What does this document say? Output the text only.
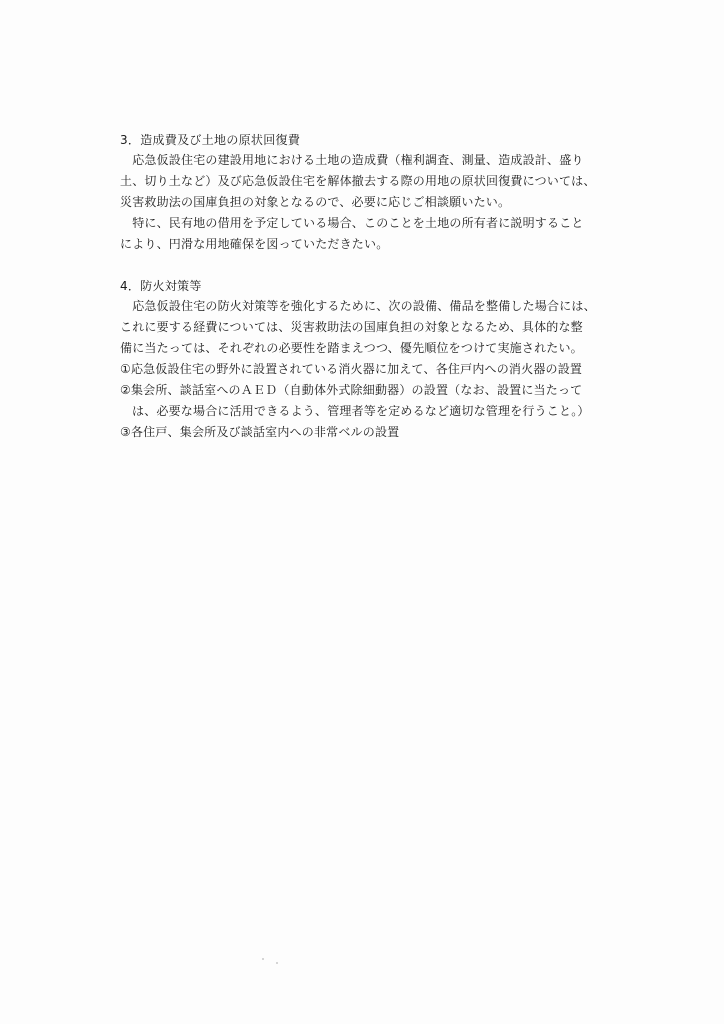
3．造成費及び土地の原状回復費
　応急仮設住宅の建設用地における土地の造成費（権利調査、測量、造成設計、盛り
土、切り土など）及び応急仮設住宅を解体撤去する際の用地の原状回復費については、
災害救助法の国庫負担の対象となるので、必要に応じご相談願いたい。
　特に、民有地の借用を予定している場合、このことを土地の所有者に説明すること
により、円滑な用地確保を図っていただきたい。
4．防火対策等
　応急仮設住宅の防火対策等を強化するために、次の設備、備品を整備した場合には、
これに要する経費については、災害救助法の国庫負担の対象となるため、具体的な整
備に当たっては、それぞれの必要性を踏まえつつ、優先順位をつけて実施されたい。
①応急仮設住宅の野外に設置されている消火器に加えて、各住戸内への消火器の設置
②集会所、談話室へのＡＥＤ（自動体外式除細動器）の設置（なお、設置に当たって
は、必要な場合に活用できるよう、管理者等を定めるなど適切な管理を行うこと。）
③各住戸、集会所及び談話室内への非常ベルの設置
